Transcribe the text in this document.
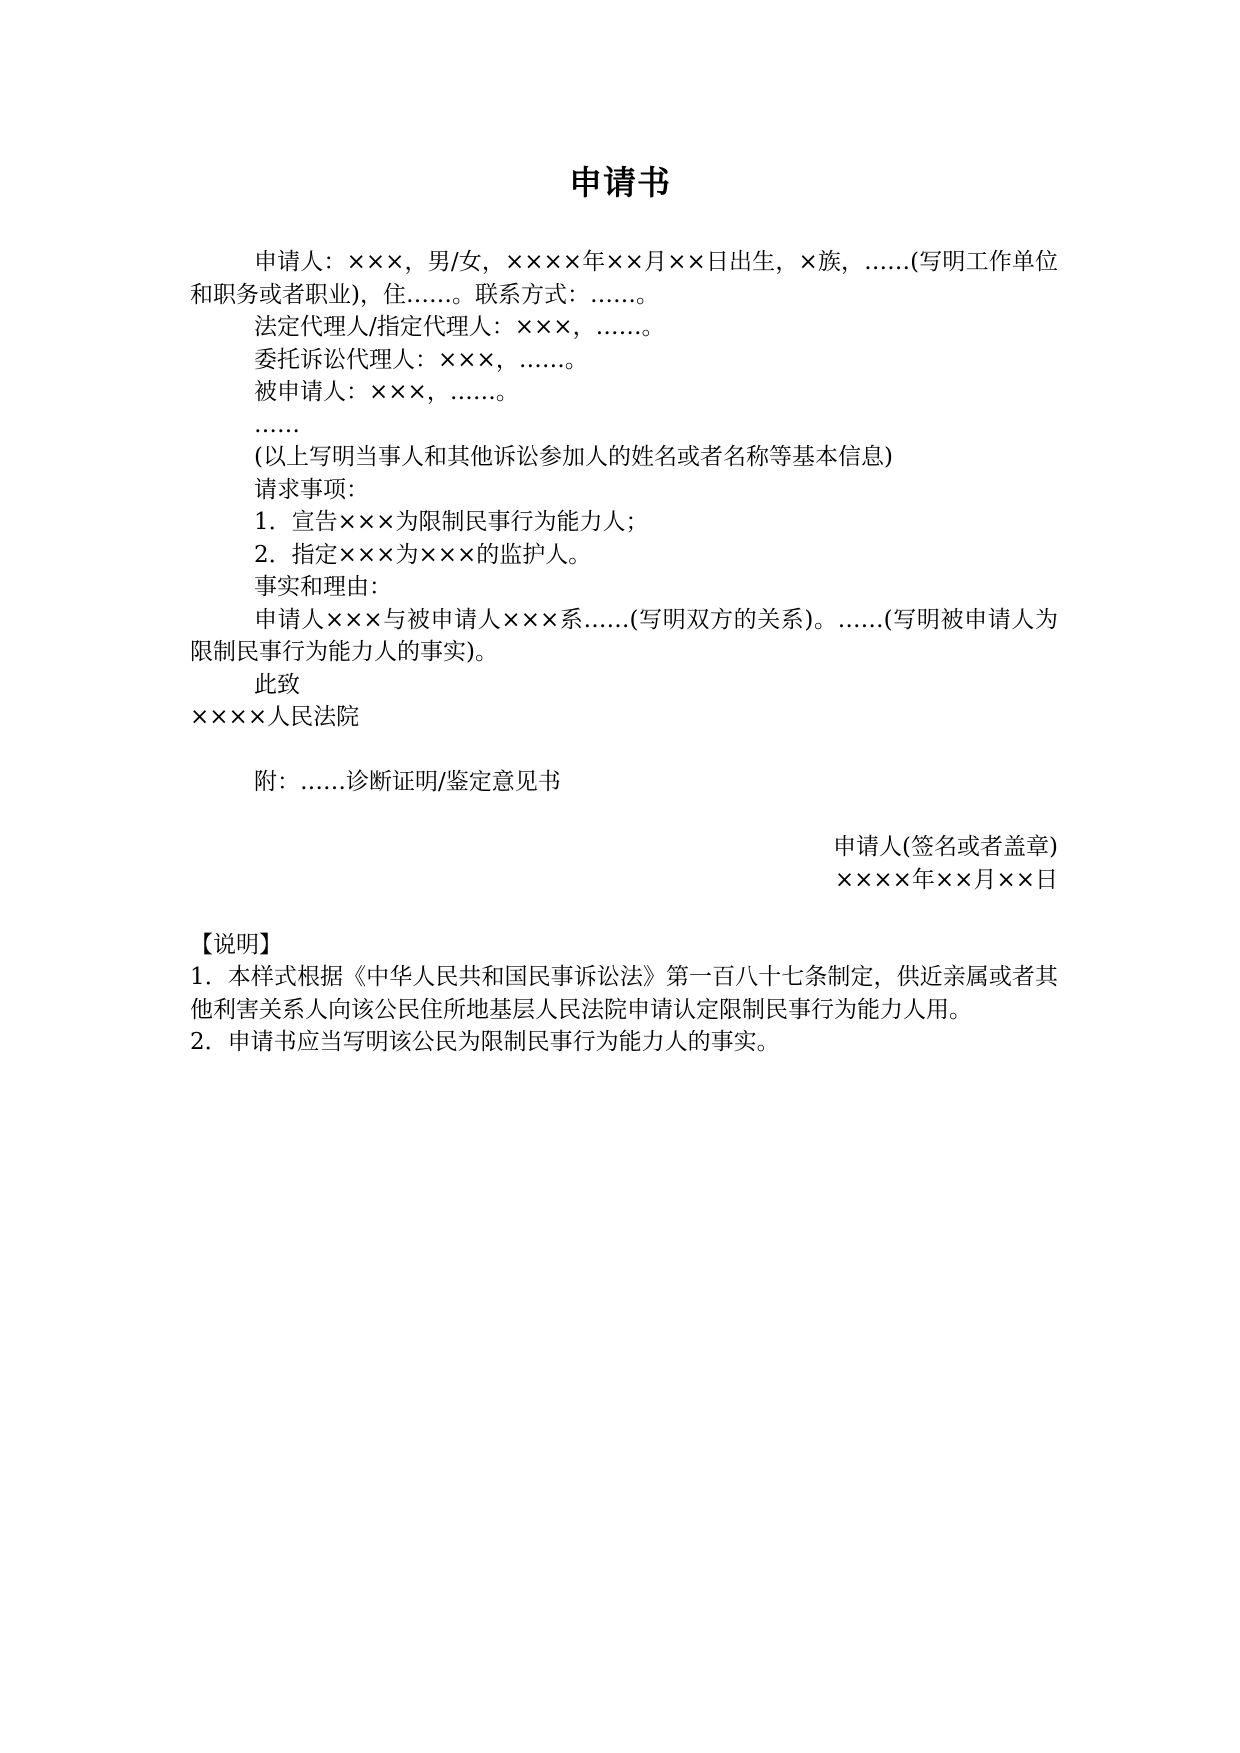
申请书

申请人：×××，男/女，××××年××月××日出生，×族，……(写明工作单位和职务或者职业)，住……。联系方式：……。

法定代理人/指定代理人：×××，……。

委托诉讼代理人：×××，……。

被申请人：×××，……。

……

(以上写明当事人和其他诉讼参加人的姓名或者名称等基本信息)

请求事项：

1．宣告×××为限制民事行为能力人；

2．指定×××为×××的监护人。

事实和理由：

申请人×××与被申请人×××系……(写明双方的关系)。……(写明被申请人为限制民事行为能力人的事实)。

此致

××××人民法院

附：……诊断证明/鉴定意见书

申请人(签名或者盖章)

××××年××月××日

【说明】

1．本样式根据《中华人民共和国民事诉讼法》第一百八十七条制定，供近亲属或者其他利害关系人向该公民住所地基层人民法院申请认定限制民事行为能力人用。

2．申请书应当写明该公民为限制民事行为能力人的事实。
